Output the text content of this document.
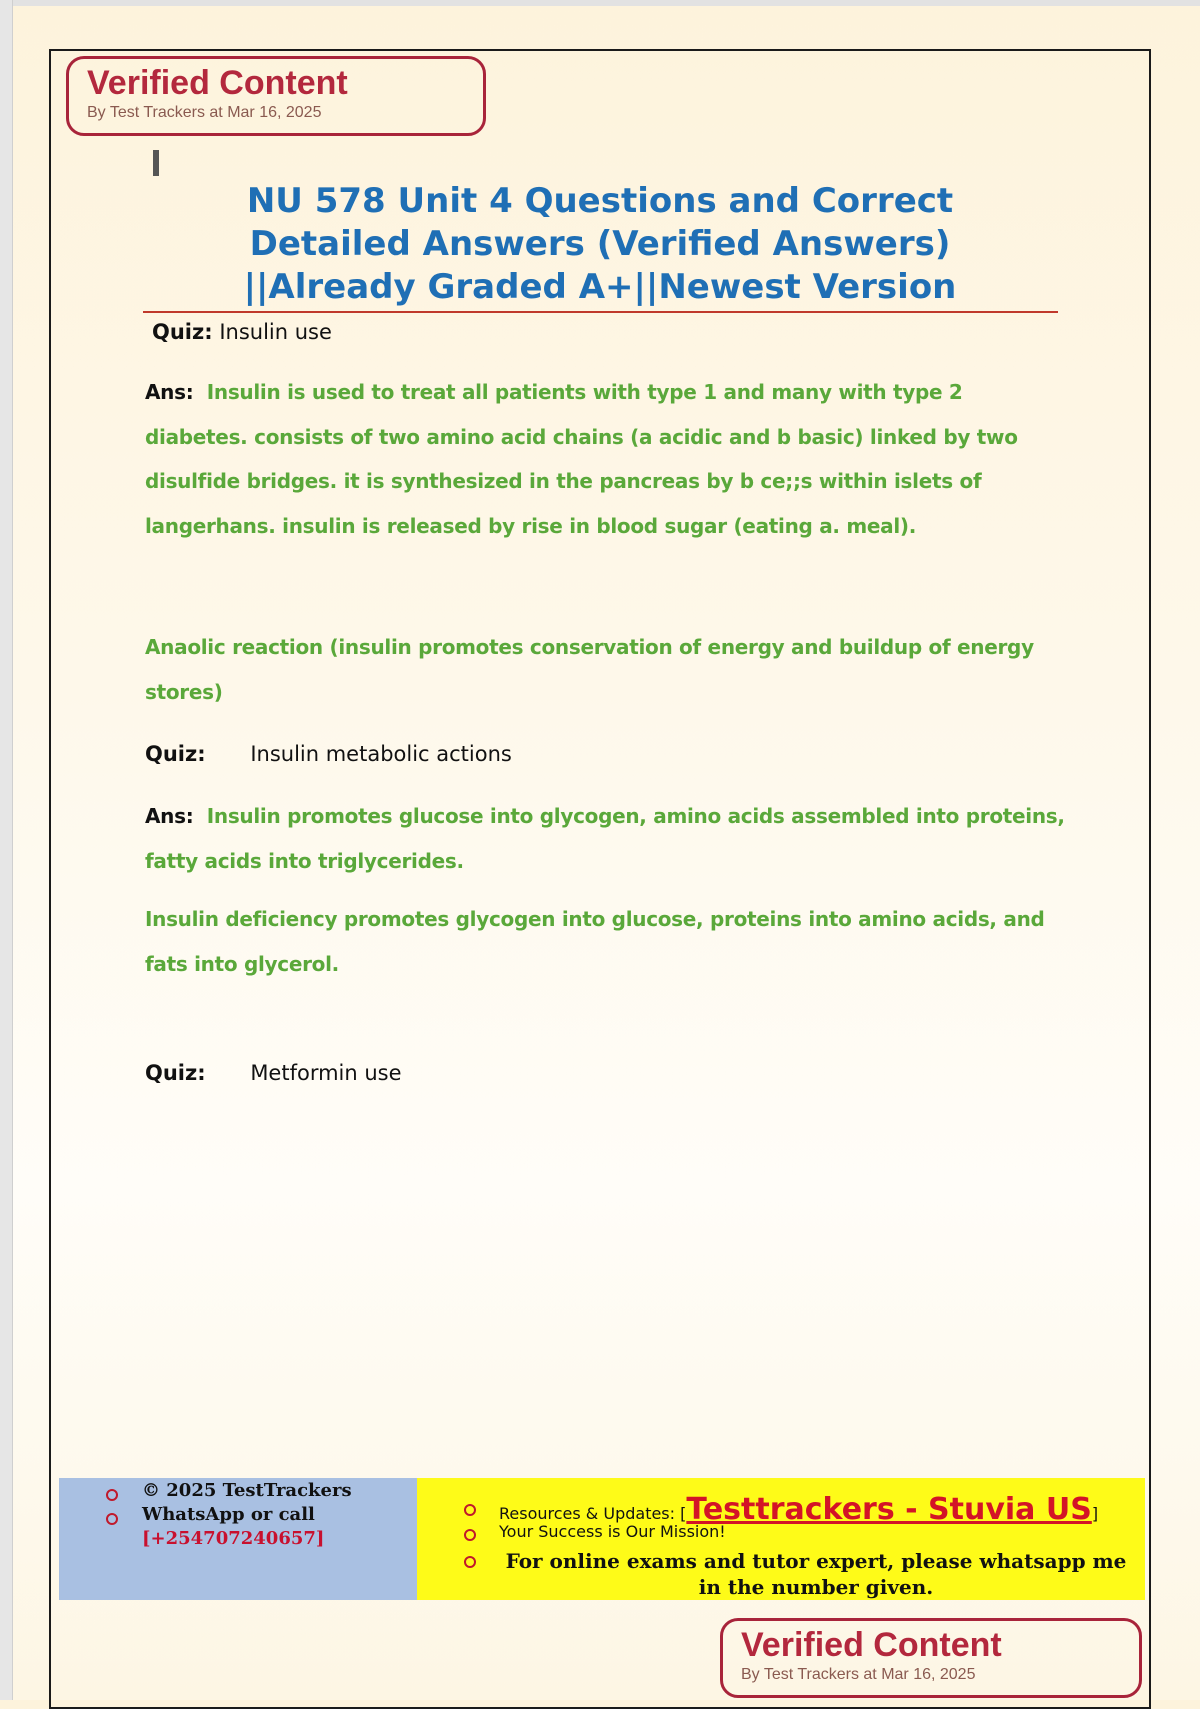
Verified Content
By Test Trackers at Mar 16, 2025
NU 578 Unit 4 Questions and Correct Detailed Answers (Verified Answers) ||Already Graded A+||Newest Version
Quiz: Insulin use
Ans: Insulin is used to treat all patients with type 1 and many with type 2 diabetes. consists of two amino acid chains (a acidic and b basic) linked by two disulfide bridges. it is synthesized in the pancreas by b ce;;s within islets of langerhans. insulin is released by rise in blood sugar (eating a. meal).
Anaolic reaction (insulin promotes conservation of energy and buildup of energy stores)
Quiz: Insulin metabolic actions
Ans: Insulin promotes glucose into glycogen, amino acids assembled into proteins, fatty acids into triglycerides.
Insulin deficiency promotes glycogen into glucose, proteins into amino acids, and fats into glycerol.
Quiz: Metformin use
© 2025 TestTrackers
WhatsApp or call
[+254707240657]
Resources & Updates: [Testtrackers - Stuvia US]
Your Success is Our Mission!
For online exams and tutor expert, please whatsapp me in the number given.
Verified Content
By Test Trackers at Mar 16, 2025
